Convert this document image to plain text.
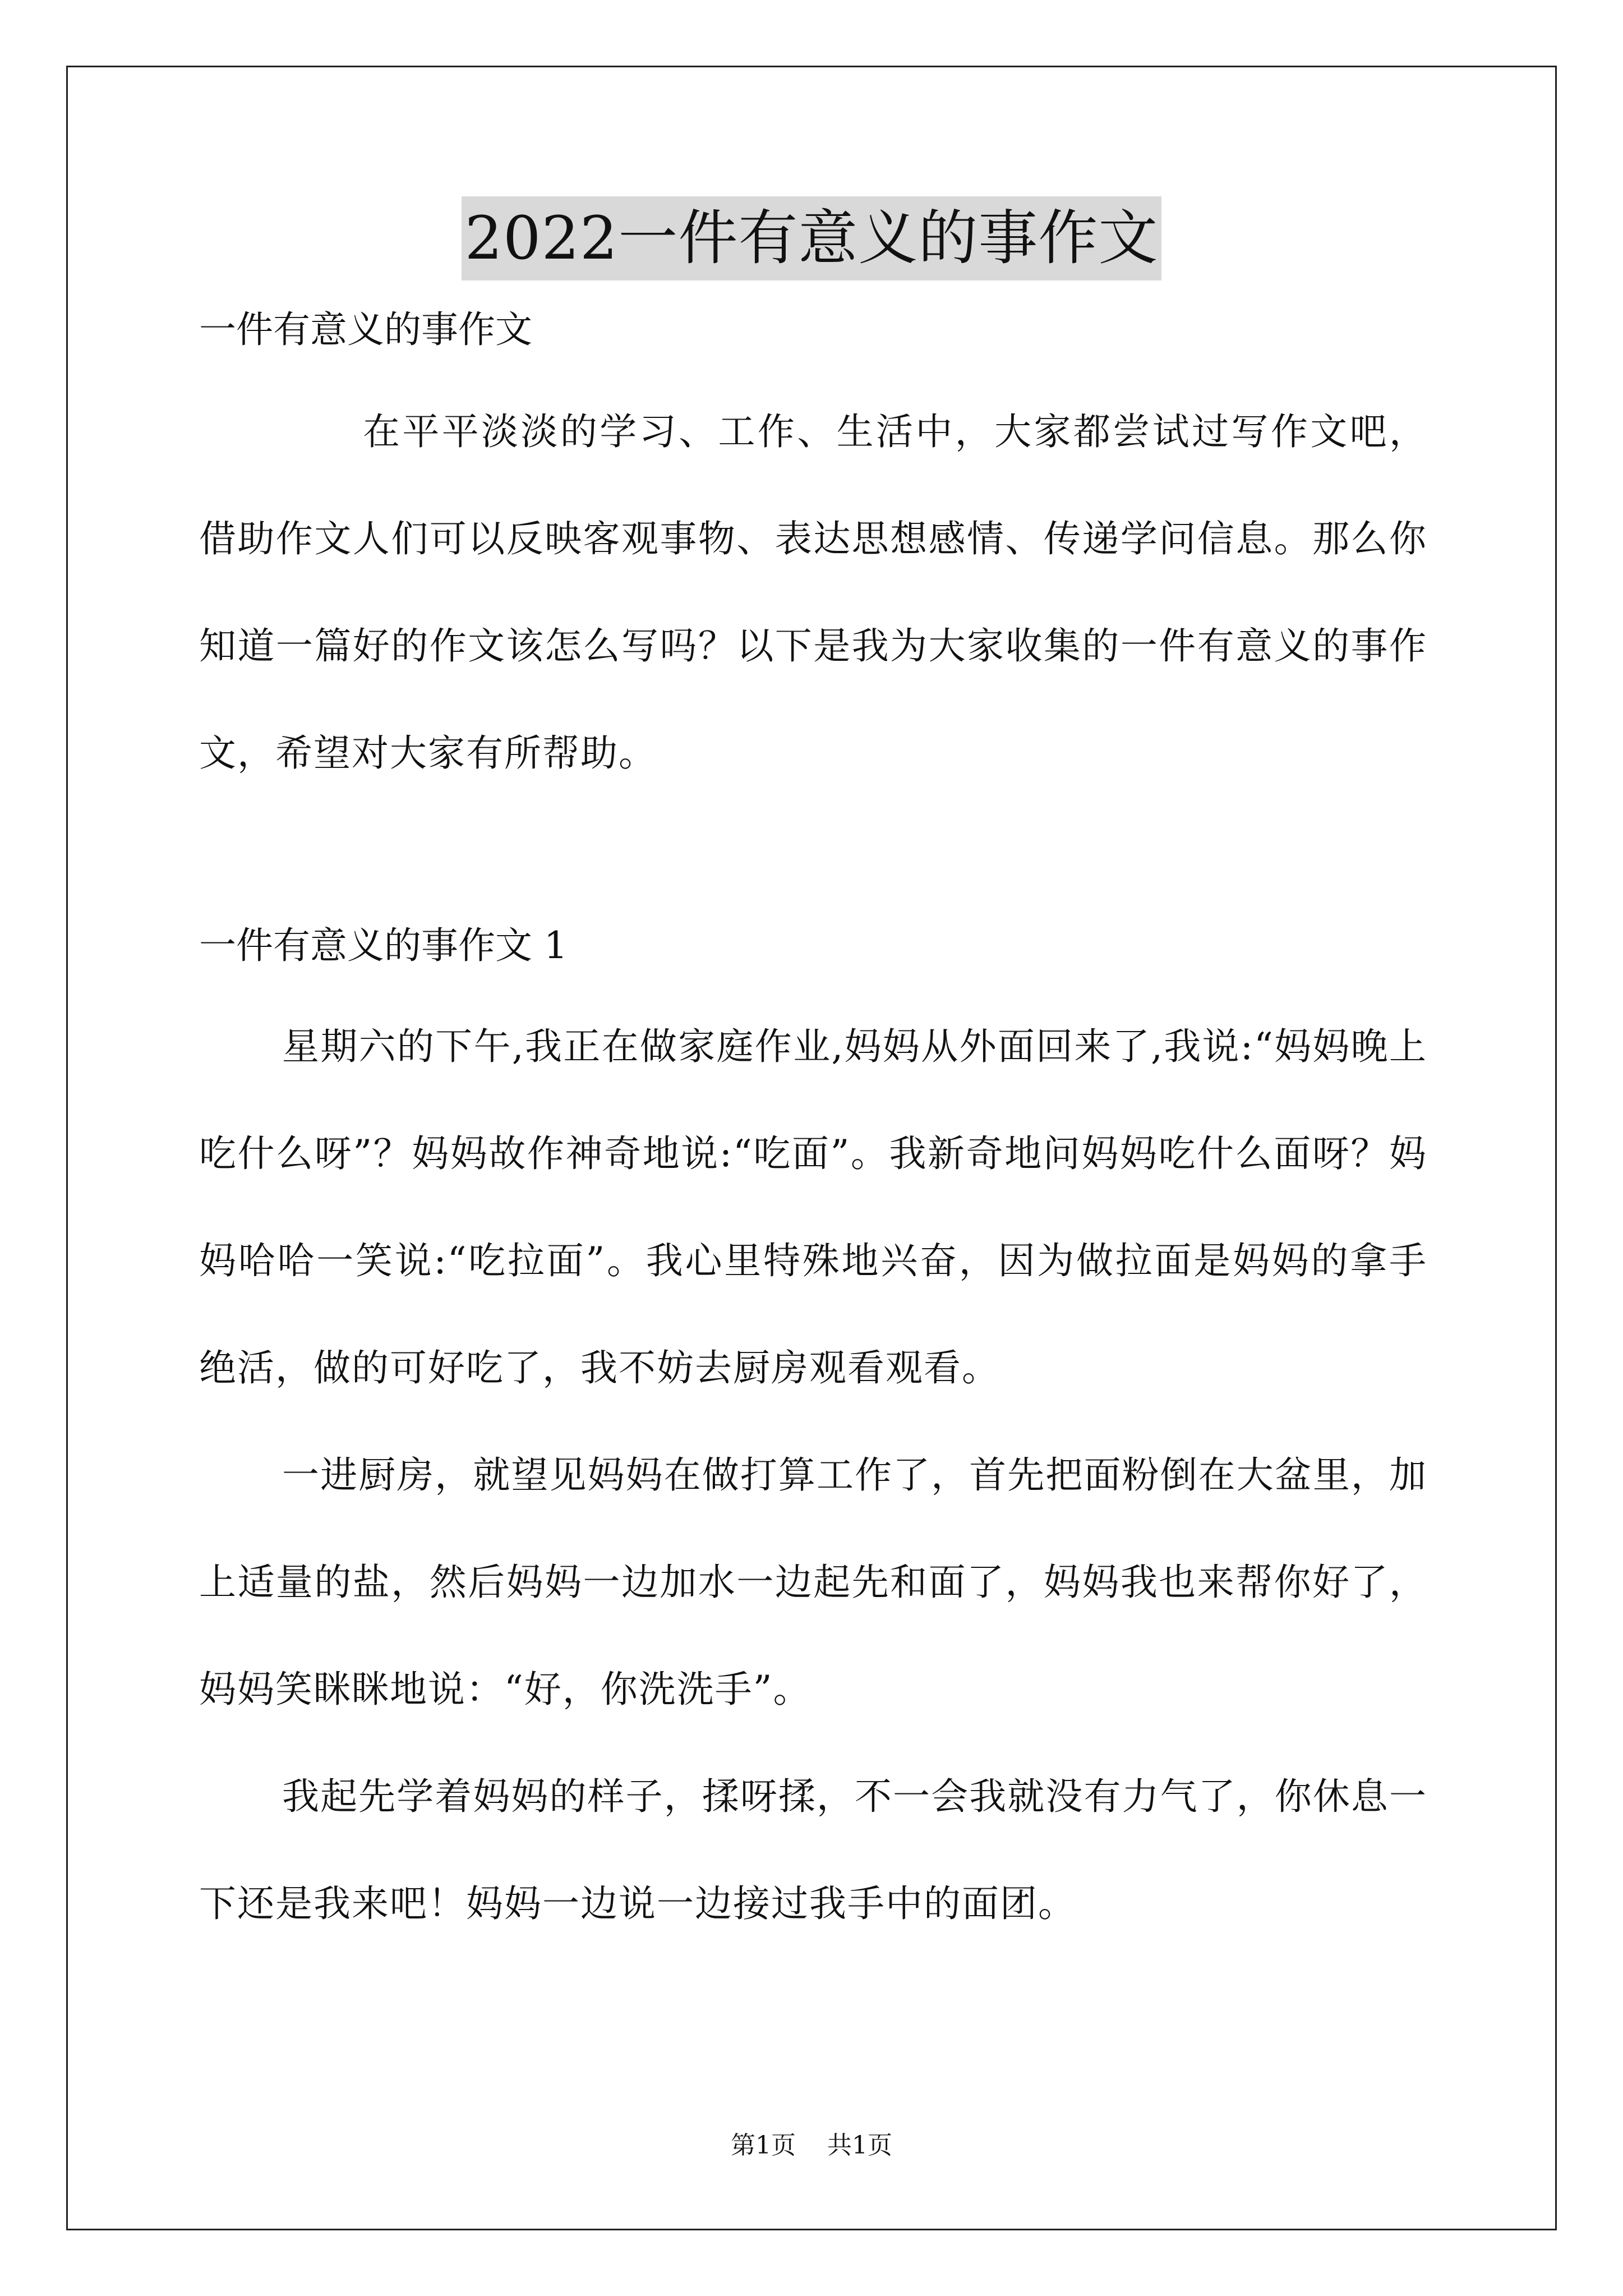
2022一件有意义的事作文

一件有意义的事作文

在平平淡淡的学习、工作、生活中，大家都尝试过写作文吧，借助作文人们可以反映客观事物、表达思想感情、传递学问信息。那么你知道一篇好的作文该怎么写吗？以下是我为大家收集的一件有意义的事作文，希望对大家有所帮助。

一件有意义的事作文 1

星期六的下午,我正在做家庭作业,妈妈从外面回来了,我说:“妈妈晚上吃什么呀”？妈妈故作神奇地说:“吃面”。我新奇地问妈妈吃什么面呀？妈妈哈哈一笑说:“吃拉面”。我心里特殊地兴奋，因为做拉面是妈妈的拿手绝活，做的可好吃了，我不妨去厨房观看观看。

一进厨房，就望见妈妈在做打算工作了，首先把面粉倒在大盆里，加上适量的盐，然后妈妈一边加水一边起先和面了，妈妈我也来帮你好了，妈妈笑眯眯地说：“好，你洗洗手”。

我起先学着妈妈的样子，揉呀揉，不一会我就没有力气了，你休息一下还是我来吧！妈妈一边说一边接过我手中的面团。

第1页    共1页
